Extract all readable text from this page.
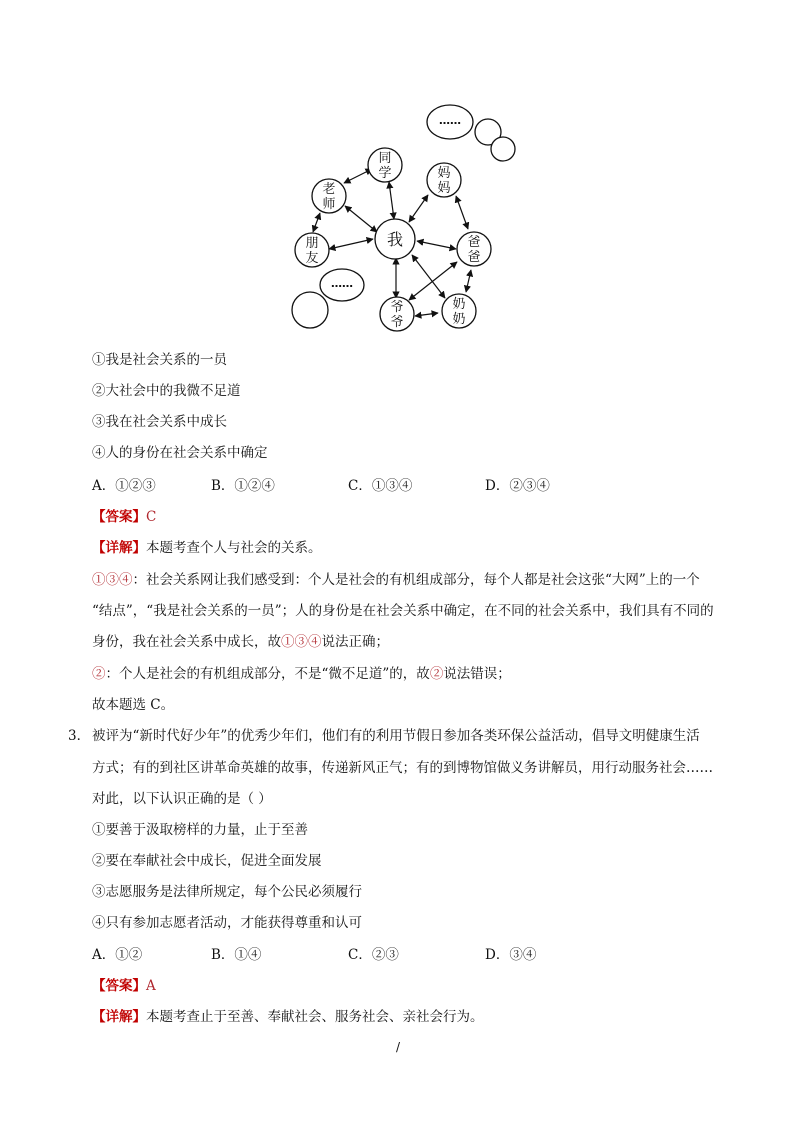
我
同
学
老
师
朋
友
妈
妈
爸
爸
爷
爷
奶
奶
……
……
①我是社会关系的一员
②大社会中的我微不足道
③我在社会关系中成长
④人的身份在社会关系中确定
A．①②③	B．①②④	C．①③④	D．②③④
【答案】C
【详解】本题考查个人与社会的关系。
①③④：社会关系网让我们感受到：个人是社会的有机组成部分，每个人都是社会这张“大网”上的一个
“结点”，“我是社会关系的一员”；人的身份是在社会关系中确定，在不同的社会关系中，我们具有不同的
身份，我在社会关系中成长，故①③④说法正确；
②：个人是社会的有机组成部分，不是“微不足道”的，故②说法错误；
故本题选 C。
3． 被评为“新时代好少年”的优秀少年们，他们有的利用节假日参加各类环保公益活动，倡导文明健康生活
方式；有的到社区讲革命英雄的故事，传递新风正气；有的到博物馆做义务讲解员，用行动服务社会……
对此，以下认识正确的是（ ）
①要善于汲取榜样的力量，止于至善
②要在奉献社会中成长，促进全面发展
③志愿服务是法律所规定，每个公民必须履行
④只有参加志愿者活动，才能获得尊重和认可
A．①②	B．①④	C．②③	D．③④
【答案】A
【详解】本题考查止于至善、奉献社会、服务社会、亲社会行为。
/
